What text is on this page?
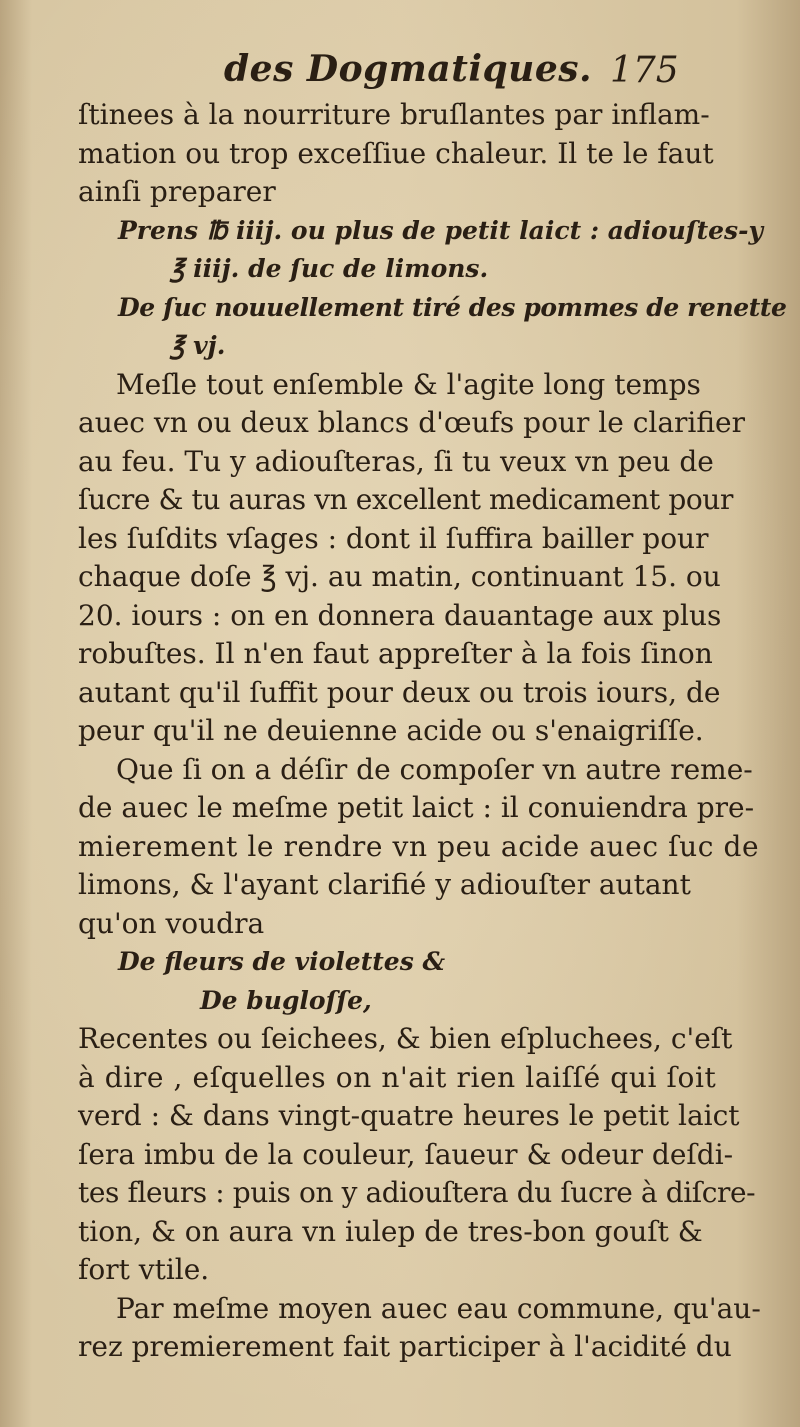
des Dogmatiques. 175
ſtinees à la nourriture bruſlantes par inflam-
mation ou trop exceſſiue chaleur. Il te le faut
ainſi preparer
Prens ℔ iiij. ou plus de petit laict : adiouſtes-y
℥ iiij. de ſuc de limons.
De ſuc nouuellement tiré des pommes de renette
℥ vj.
Meſle tout enſemble & l'agite long temps
auec vn ou deux blancs d'œufs pour le clarifier
au feu. Tu y adiouſteras, ſi tu veux vn peu de
ſucre & tu auras vn excellent medicament pour
les ſuſdits vſages : dont il ſuffira bailler pour
chaque doſe ℥ vj. au matin, continuant 15. ou
20. iours : on en donnera dauantage aux plus
robuſtes. Il n'en faut appreſter à la fois ſinon
autant qu'il ſuffit pour deux ou trois iours, de
peur qu'il ne deuienne acide ou s'enaigriſſe.
Que ſi on a déſir de compoſer vn autre reme-
de auec le meſme petit laict : il conuiendra pre-
mierement le rendre vn peu acide auec ſuc de
limons, & l'ayant clarifié y adiouſter autant
qu'on voudra
De fleurs de violettes &
De bugloſſe,
Recentes ou ſeichees, & bien eſpluchees, c'eſt
à dire , eſquelles on n'ait rien laiſſé qui ſoit
verd : & dans vingt-quatre heures le petit laict
ſera imbu de la couleur, ſaueur & odeur deſdi-
tes fleurs : puis on y adiouſtera du ſucre à diſcre-
tion, & on aura vn iulep de tres-bon gouſt &
fort vtile.
Par meſme moyen auec eau commune, qu'au-
rez premierement fait participer à l'acidité du
